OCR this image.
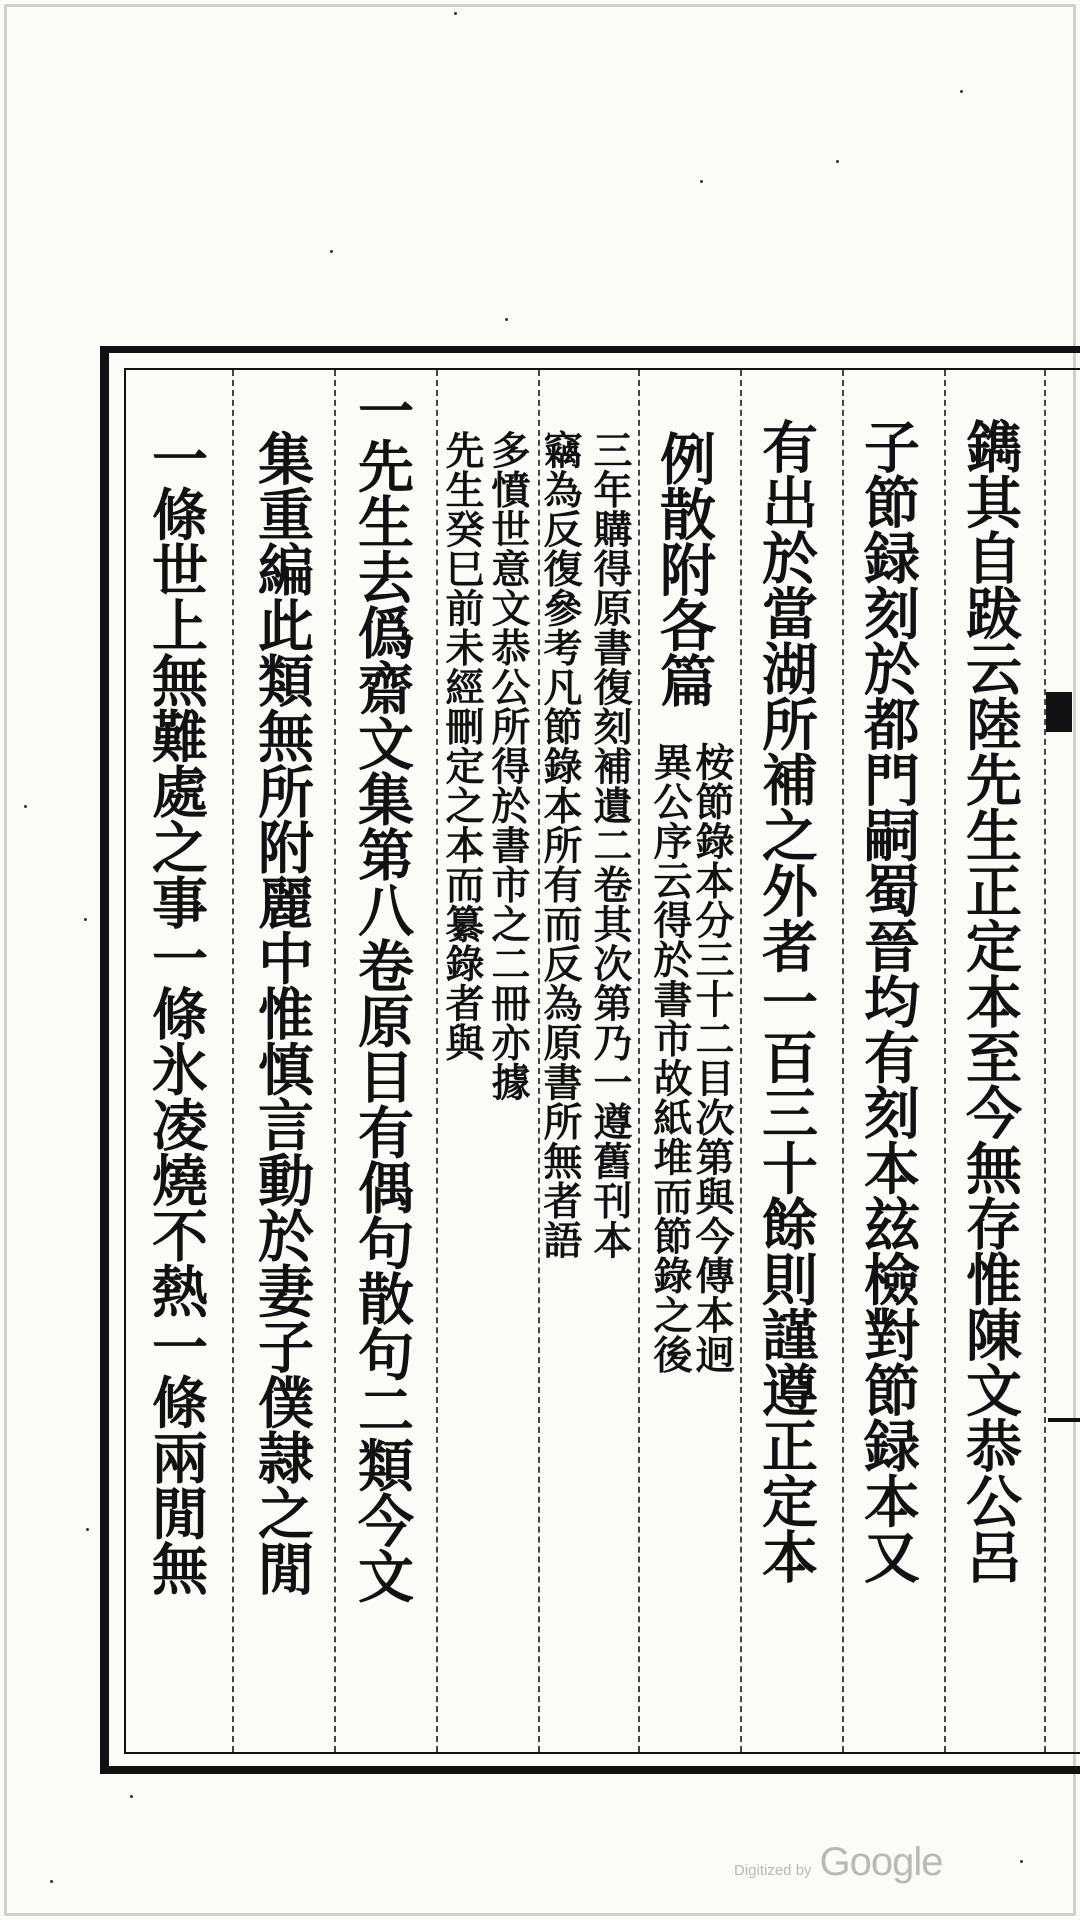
鐫其自跋云陸先生正定本至今無存惟陳文恭公呂
子節録刻於都門嗣蜀晉均有刻本玆檢對節録本又
有出於當湖所補之外者一百三十餘則謹遵正定本
例散附各篇
桉節錄本分三十二目次第與今傳本迥
異公序云得於書市故紙堆而節錄之後
三年購得原書復刻補遺二卷其次第乃一遵舊刊本
竊為反復參考凡節錄本所有而反為原書所無者語
多憤世意文恭公所得於書市之二冊亦據
先生癸巳前未經刪定之本而纂錄者與
一先生去僞齋文集第八卷原目有偶句散句二類今文
集重編此類無所附麗中惟慎言動於妻子僕隷之閒
一條世上無難處之事一條氷凌燒不熱一條兩閒無
Digitized by Google
